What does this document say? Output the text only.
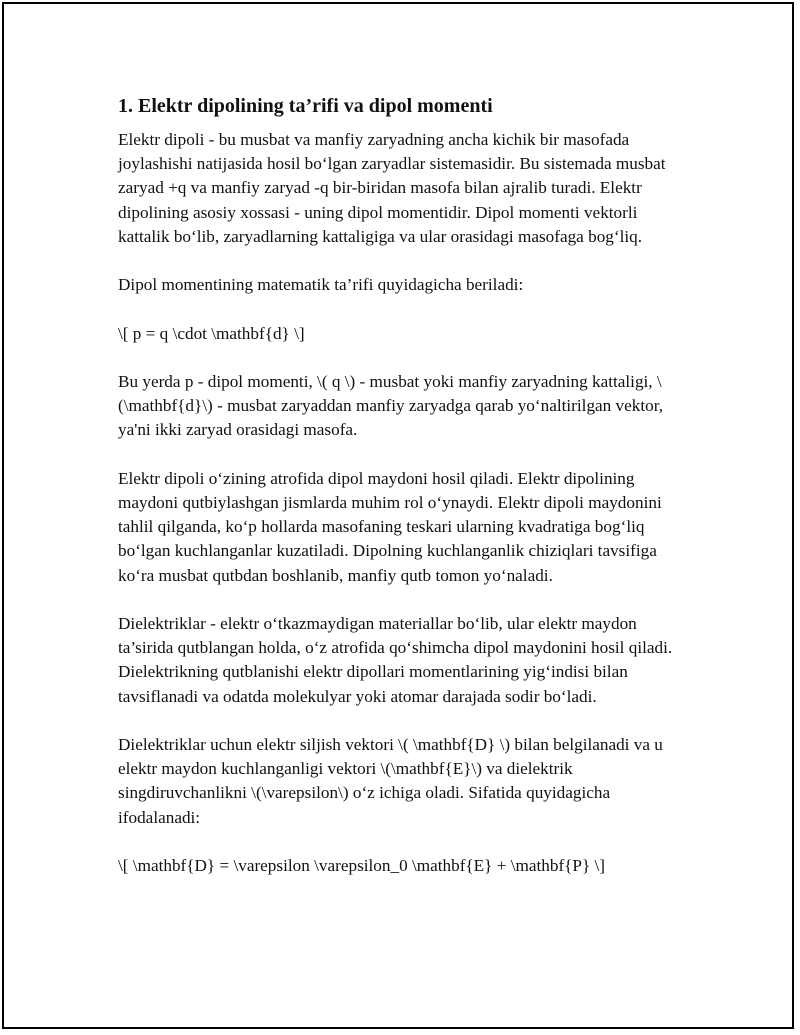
1. Elektr dipolining ta’rifi va dipol momenti

Elektr dipoli - bu musbat va manfiy zaryadning ancha kichik bir masofada joylashishi natijasida hosil bo‘lgan zaryadlar sistemasidir. Bu sistemada musbat zaryad +q va manfiy zaryad -q bir-biridan masofa bilan ajralib turadi. Elektr dipolining asosiy xossasi - uning dipol momentidir. Dipol momenti vektorli kattalik bo‘lib, zaryadlarning kattaligiga va ular orasidagi masofaga bog‘liq.

Dipol momentining matematik ta’rifi quyidagicha beriladi:

\[ p = q \cdot \mathbf{d} \]

Bu yerda p - dipol momenti, \( q \) - musbat yoki manfiy zaryadning kattaligi, \(\mathbf{d}\) - musbat zaryaddan manfiy zaryadga qarab yo‘naltirilgan vektor, ya'ni ikki zaryad orasidagi masofa.

Elektr dipoli o‘zining atrofida dipol maydoni hosil qiladi. Elektr dipolining maydoni qutbiylashgan jismlarda muhim rol o‘ynaydi. Elektr dipoli maydonini tahlil qilganda, ko‘p hollarda masofaning teskari ularning kvadratiga bog‘liq bo‘lgan kuchlanganlar kuzatiladi. Dipolning kuchlanganlik chiziqlari tavsifiga ko‘ra musbat qutbdan boshlanib, manfiy qutb tomon yo‘naladi.

Dielektriklar - elektr o‘tkazmaydigan materiallar bo‘lib, ular elektr maydon ta’sirida qutblangan holda, o‘z atrofida qo‘shimcha dipol maydonini hosil qiladi. Dielektrikning qutblanishi elektr dipollari momentlarining yig‘indisi bilan tavsiflanadi va odatda molekulyar yoki atomar darajada sodir bo‘ladi.

Dielektriklar uchun elektr siljish vektori \( \mathbf{D} \) bilan belgilanadi va u elektr maydon kuchlanganligi vektori \(\mathbf{E}\) va dielektrik singdiruvchanlikni \(\varepsilon\) o‘z ichiga oladi. Sifatida quyidagicha ifodalanadi:

\[ \mathbf{D} = \varepsilon \varepsilon_0 \mathbf{E} + \mathbf{P} \]
